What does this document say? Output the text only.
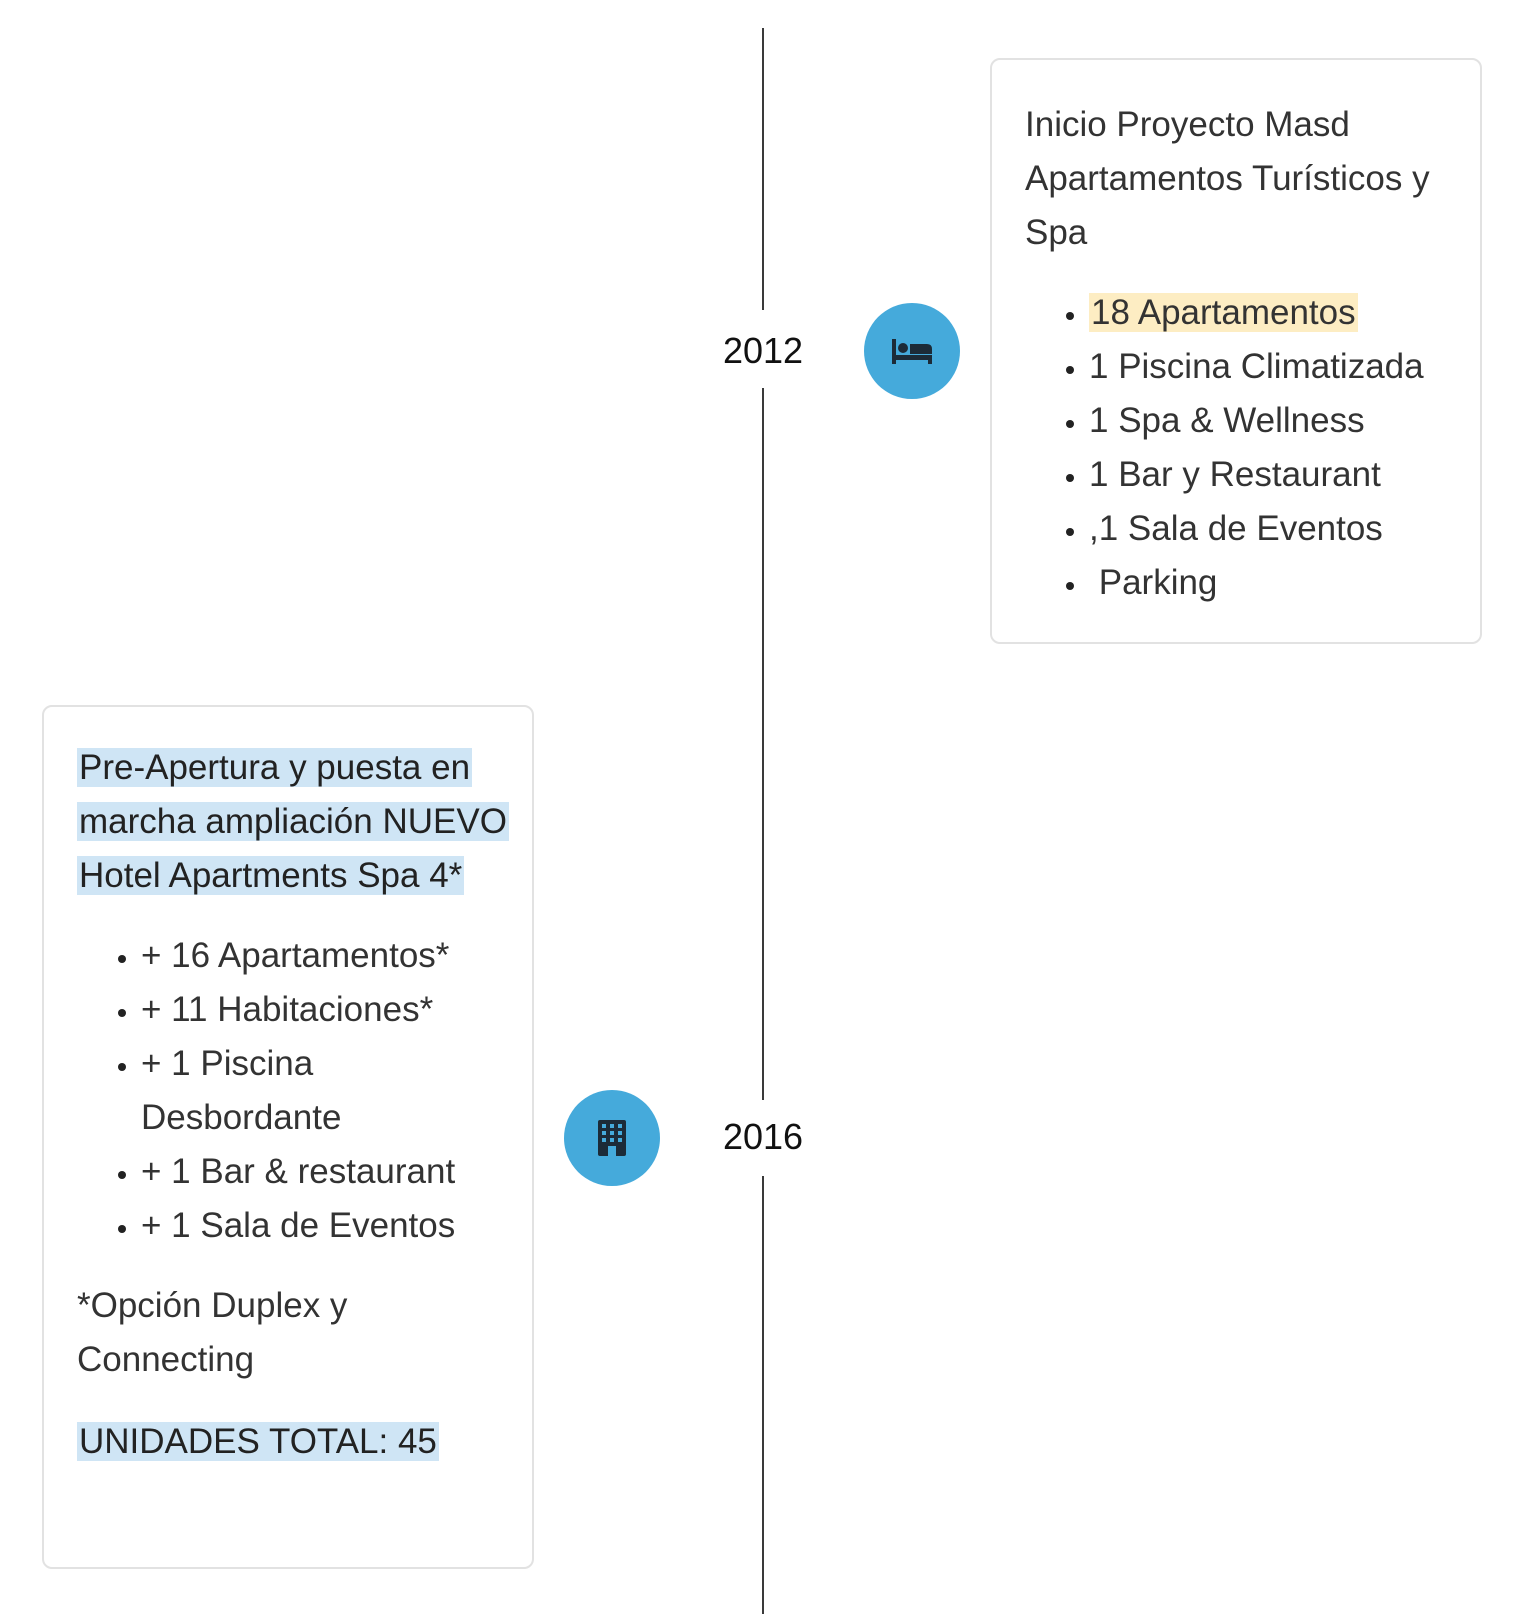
2012

Inicio Proyecto Masd Apartamentos Turísticos y Spa

• 18 Apartamentos
• 1 Piscina Climatizada
• 1 Spa & Wellness
• 1 Bar y Restaurant
• ,1 Sala de Eventos
•  Parking
2016

Pre-Apertura y puesta en marcha ampliación NUEVO Hotel Apartments Spa 4*

• + 16 Apartamentos*
• + 11 Habitaciones*
• + 1 Piscina Desbordante
• + 1 Bar & restaurant
• + 1 Sala de Eventos

*Opción Duplex y Connecting

UNIDADES TOTAL: 45
